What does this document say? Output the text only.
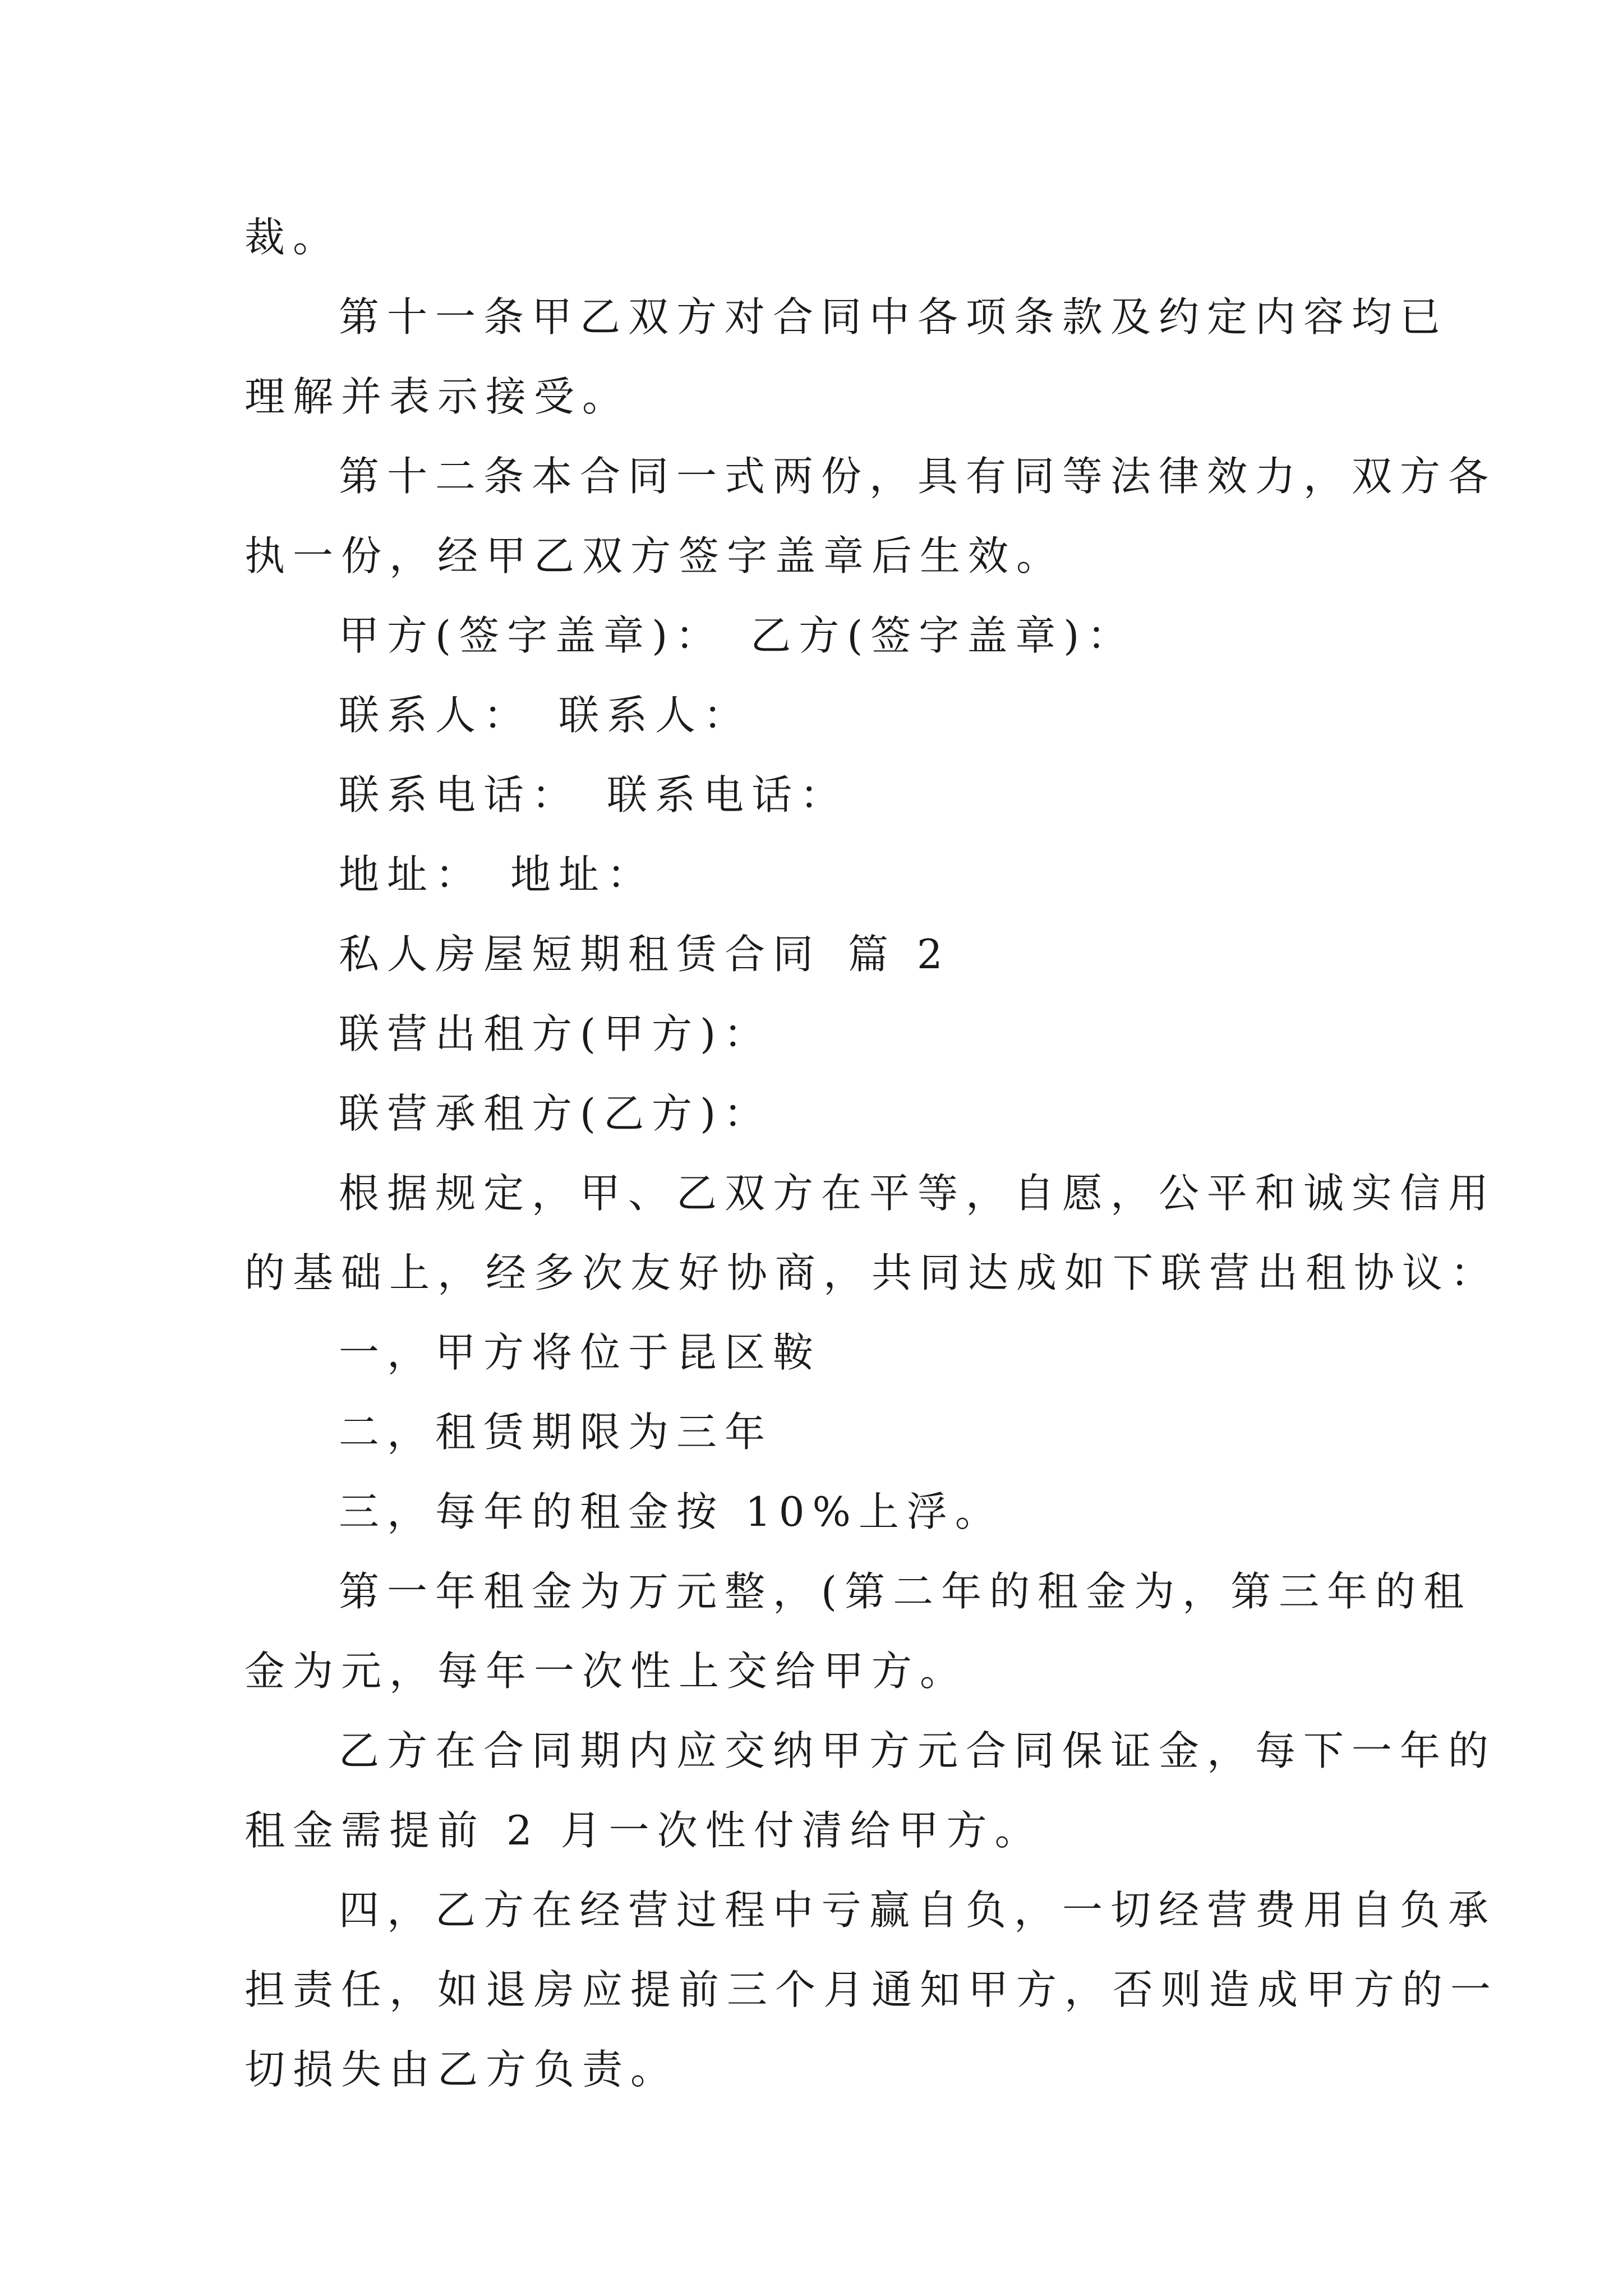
裁。

第十一条甲乙双方对合同中各项条款及约定内容均已

理解并表示接受。

第十二条本合同一式两份，具有同等法律效力，双方各

执一份，经甲乙双方签字盖章后生效。

甲方(签字盖章)： 乙方(签字盖章)：

联系人： 联系人：

联系电话： 联系电话：

地址： 地址：

私人房屋短期租赁合同 篇 2

联营出租方(甲方)：

联营承租方(乙方)：

根据规定，甲、乙双方在平等，自愿，公平和诚实信用

的基础上，经多次友好协商，共同达成如下联营出租协议：

一，甲方将位于昆区鞍

二，租赁期限为三年

三，每年的租金按 10%上浮。

第一年租金为万元整，(第二年的租金为，第三年的租

金为元，每年一次性上交给甲方。

乙方在合同期内应交纳甲方元合同保证金，每下一年的

租金需提前 2 月一次性付清给甲方。

四，乙方在经营过程中亏赢自负，一切经营费用自负承

担责任，如退房应提前三个月通知甲方，否则造成甲方的一

切损失由乙方负责。
